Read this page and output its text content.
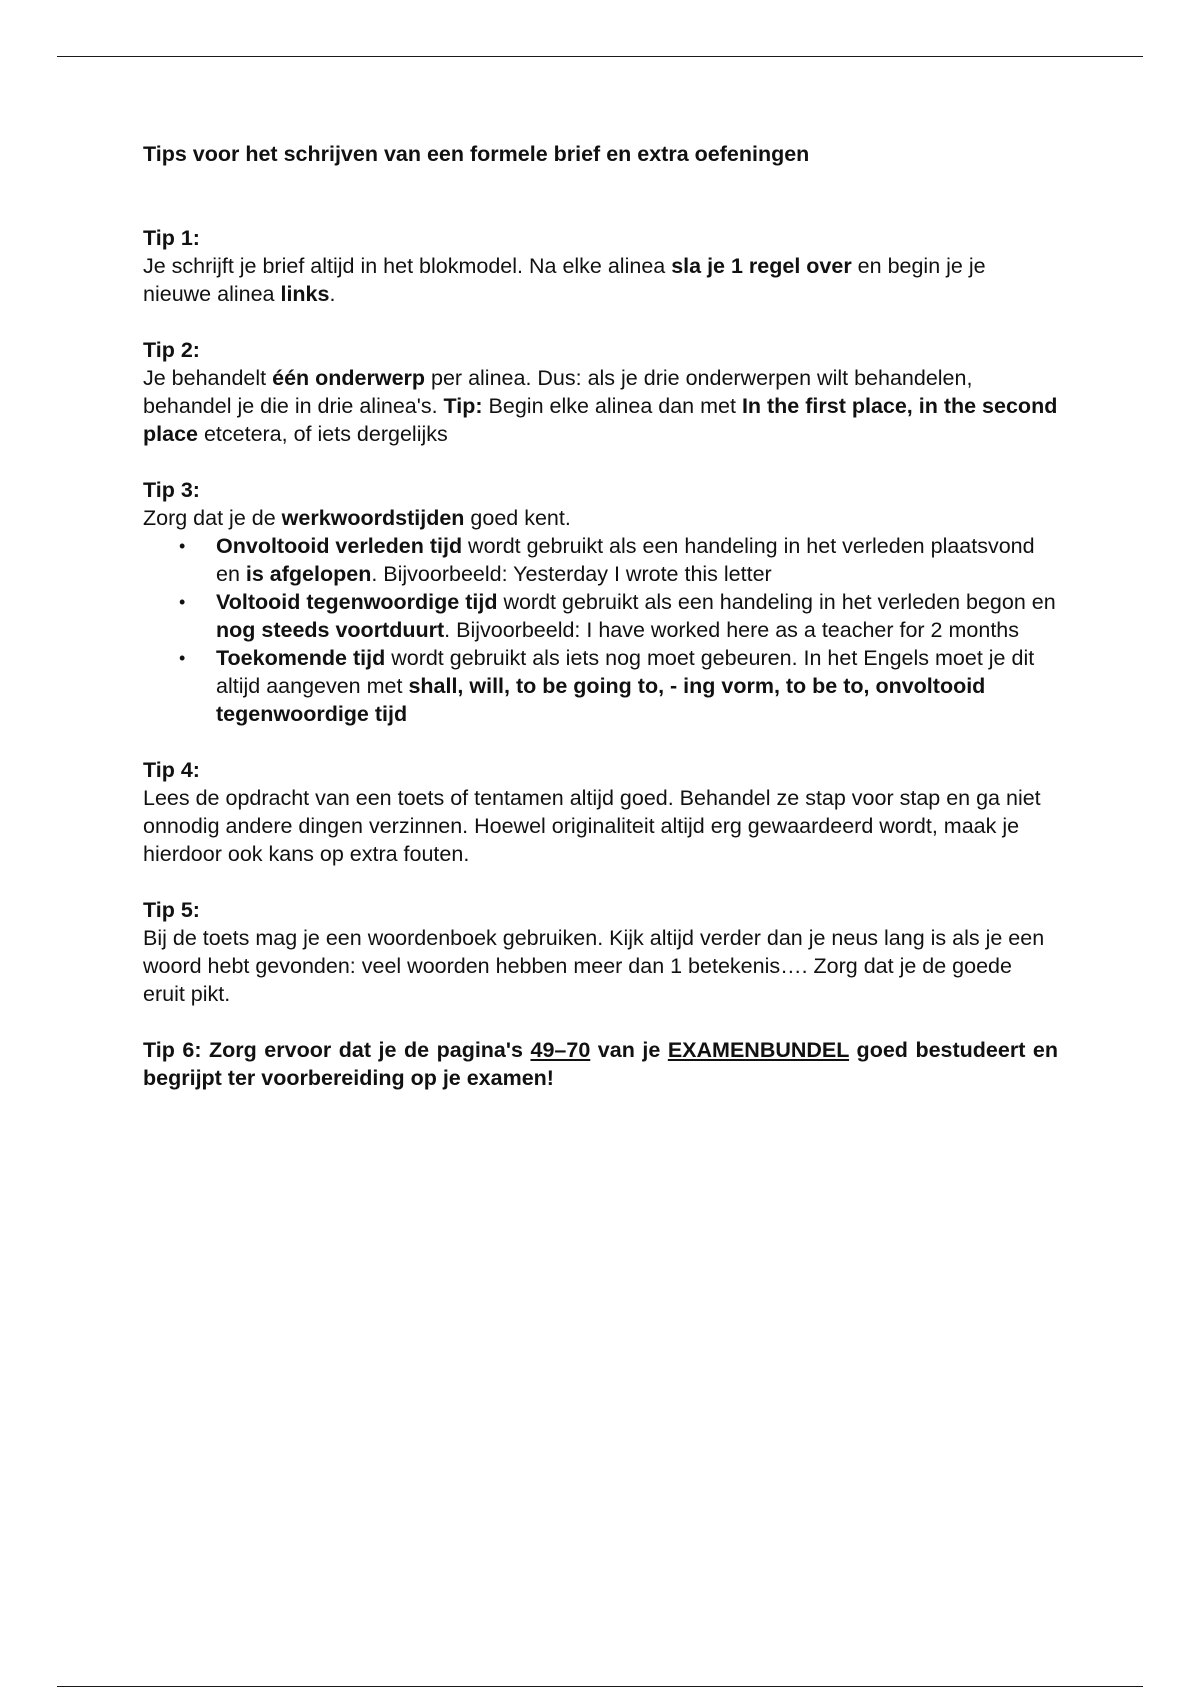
Tips voor het schrijven van een formele brief en extra oefeningen
Tip 1:

Je schrijft je brief altijd in het blokmodel. Na elke alinea sla je 1 regel over en begin je je nieuwe alinea links.

Tip 2:

Je behandelt één onderwerp per alinea. Dus: als je drie onderwerpen wilt behandelen, behandel je die in drie alinea's. Tip: Begin elke alinea dan met In the first place, in the second place etcetera, of iets dergelijks

Tip 3:

Zorg dat je de werkwoordstijden goed kent.

• Onvoltooid verleden tijd wordt gebruikt als een handeling in het verleden plaatsvond en is afgelopen. Bijvoorbeeld: Yesterday I wrote this letter
• Voltooid tegenwoordige tijd wordt gebruikt als een handeling in het verleden begon en nog steeds voortduurt. Bijvoorbeeld: I have worked here as a teacher for 2 months
• Toekomende tijd wordt gebruikt als iets nog moet gebeuren. In het Engels moet je dit altijd aangeven met shall, will, to be going to, - ing vorm, to be to, onvoltooid tegenwoordige tijd
Tip 4:

Lees de opdracht van een toets of tentamen altijd goed. Behandel ze stap voor stap en ga niet onnodig andere dingen verzinnen. Hoewel originaliteit altijd erg gewaardeerd wordt, maak je hierdoor ook kans op extra fouten.

Tip 5:

Bij de toets mag je een woordenboek gebruiken. Kijk altijd verder dan je neus lang is als je een woord hebt gevonden: veel woorden hebben meer dan 1 betekenis…. Zorg dat je de goede eruit pikt.

Tip 6: Zorg ervoor dat je de pagina's 49–70 van je EXAMENBUNDEL goed bestudeert en begrijpt ter voorbereiding op je examen!
